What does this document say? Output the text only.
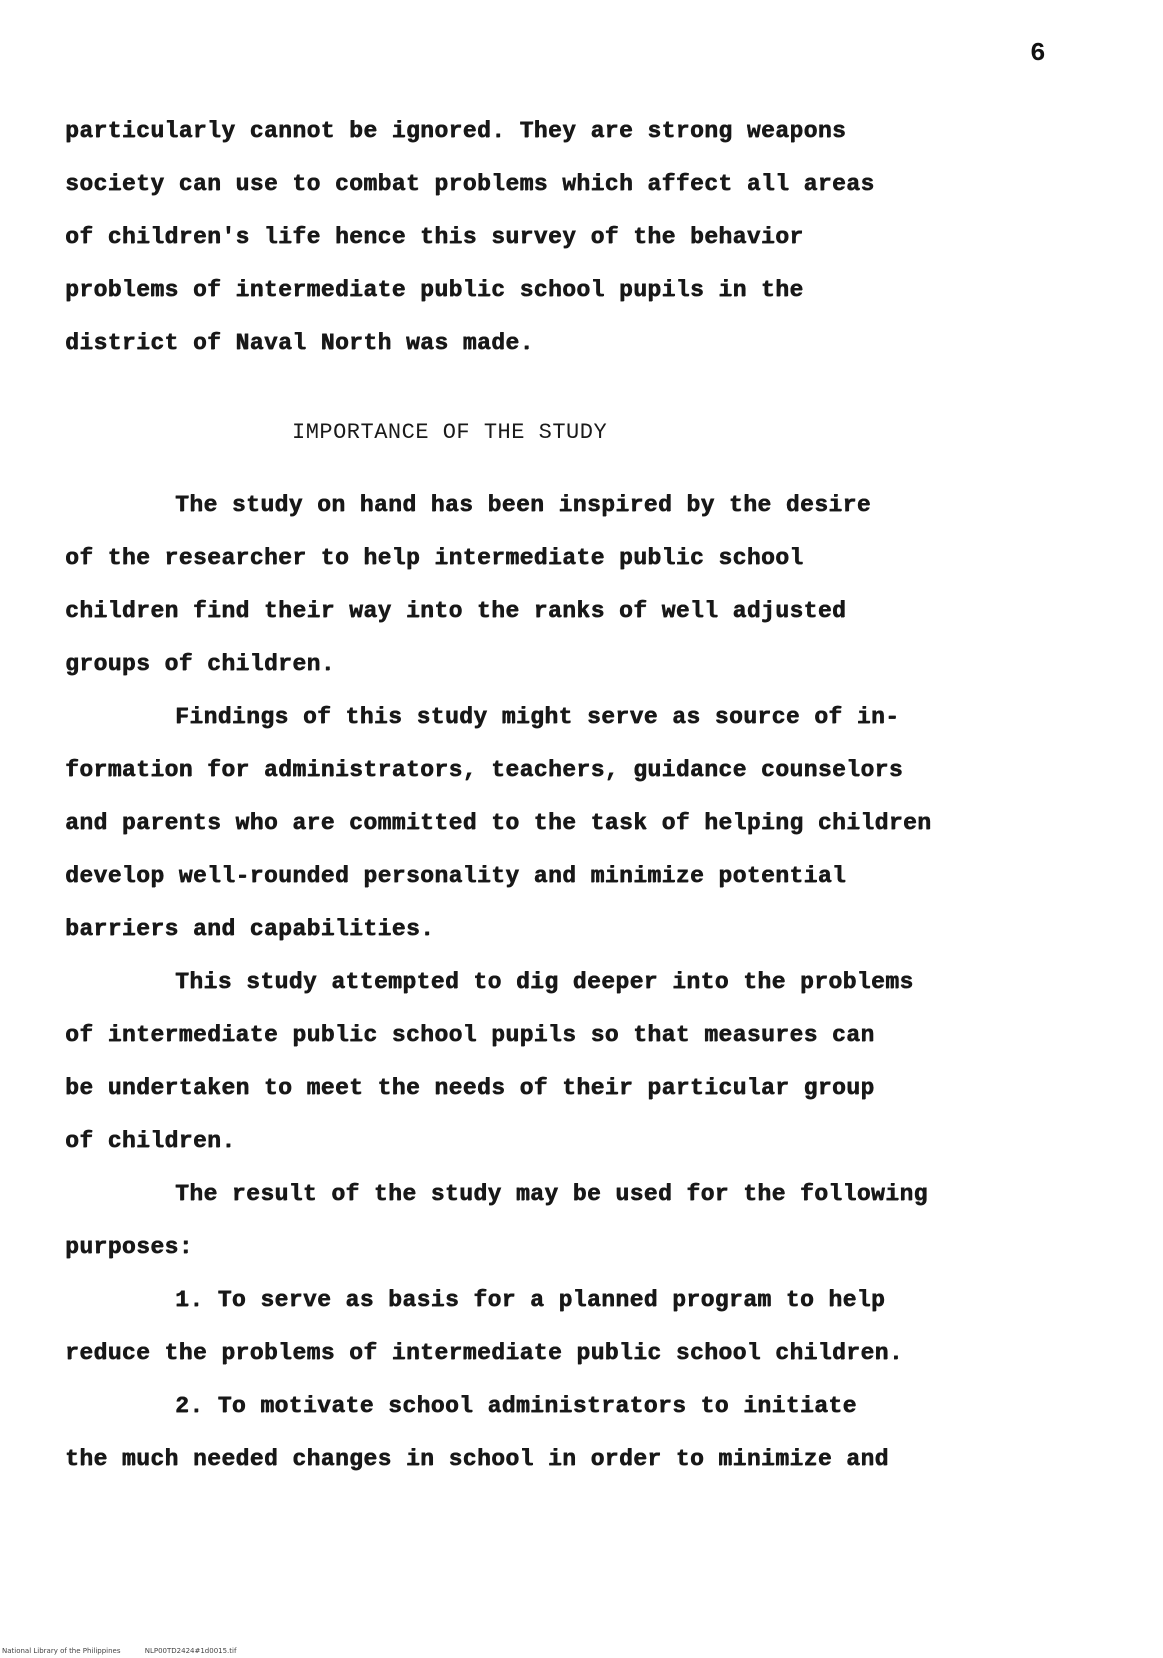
6
particularly cannot be ignored. They are strong weapons
society can use to combat problems which affect all areas
of children's life hence this survey of the behavior
problems of intermediate public school pupils in the
district of Naval North was made.
IMPORTANCE OF THE STUDY
The study on hand has been inspired by the desire
of the researcher to help intermediate public school
children find their way into the ranks of well adjusted
groups of children.
Findings of this study might serve as source of in-
formation for administrators, teachers, guidance counselors
and parents who are committed to the task of helping children
develop well-rounded personality and minimize potential
barriers and capabilities.
This study attempted to dig deeper into the problems
of intermediate public school pupils so that measures can
be undertaken to meet the needs of their particular group
of children.
The result of the study may be used for the following
purposes:
1. To serve as basis for a planned program to help
reduce the problems of intermediate public school children.
2. To motivate school administrators to initiate
the much needed changes in school in order to minimize and
National Library of the Philippines	NLP00TD2424#1d0015.tif
